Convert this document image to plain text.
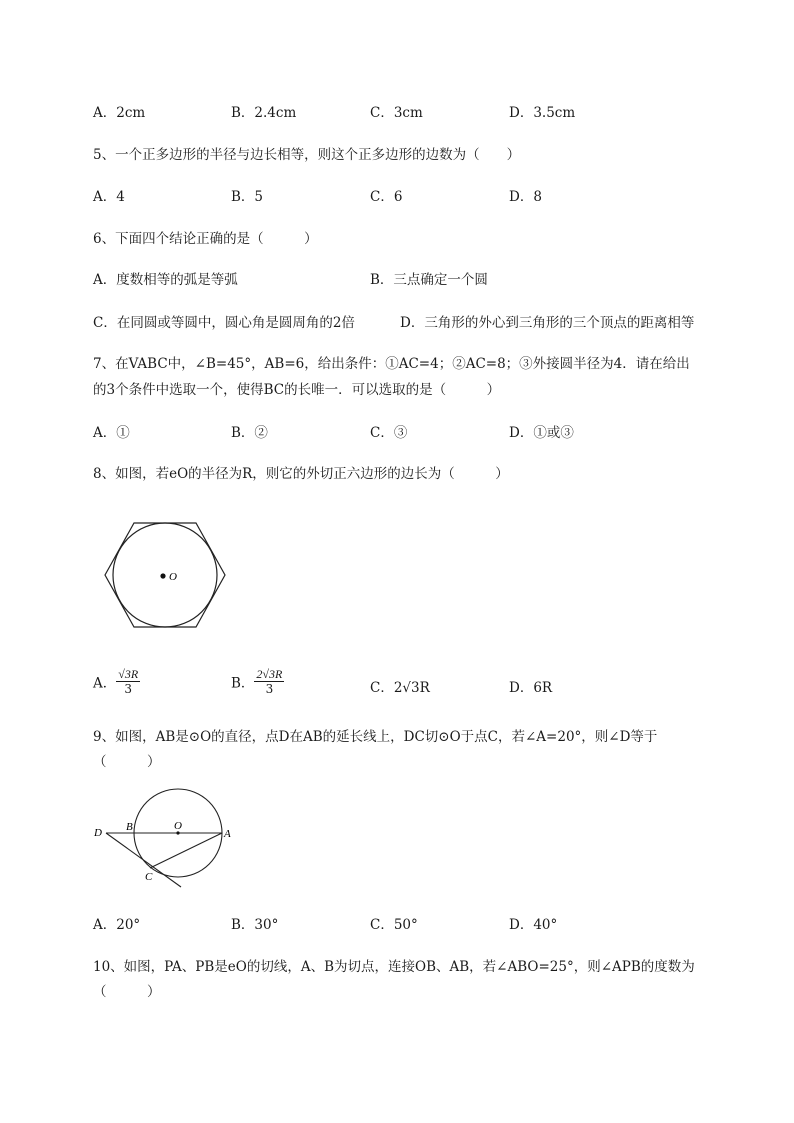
A．2cm	B．2.4cm	C．3cm	D．3.5cm
5、一个正多边形的半径与边长相等，则这个正多边形的边数为（　　）
A．4	B．5	C．6	D．8
6、下面四个结论正确的是（　　　）
A．度数相等的弧是等弧	B．三点确定一个圆
C．在同圆或等圆中，圆心角是圆周角的2倍	D．三角形的外心到三角形的三个顶点的距离相等
7、在VABC中，∠B=45°，AB=6，给出条件：①AC=4；②AC=8；③外接圆半径为4．请在给出
的3个条件中选取一个，使得BC的长唯一．可以选取的是（　　　）
A．①	B．②	C．③	D．①或③
8、如图，若eO的半径为R，则它的外切正六边形的边长为（　　　）
O
A． $\frac{√3R}{3}$	B． $\frac{2√3R}{3}$	C．2√3R	D．6R
9、如图，AB是⊙O的直径，点D在AB的延长线上，DC切⊙O于点C，若∠A=20°，则∠D等于
（　　　）
D B	O
A
C
A．20°	B．30°	C．50°	D．40°
10、如图，PA、PB是eO的切线，A、B为切点，连接OB、AB，若∠ABO=25°，则∠APB的度数为
（　　　）
